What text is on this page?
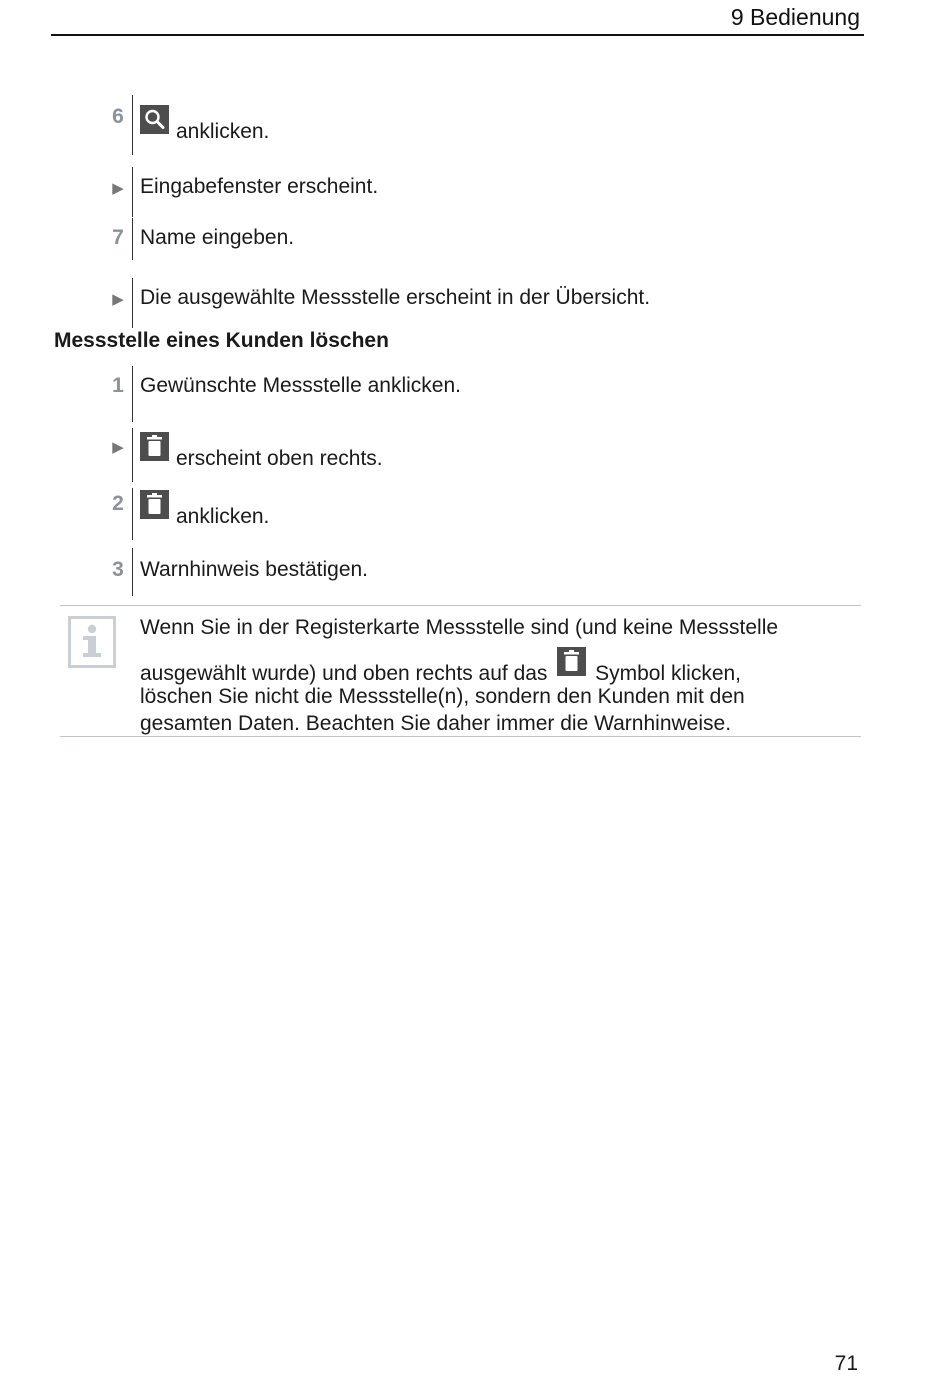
9 Bedienung
6
anklicken.
▶ Eingabefenster erscheint.
7 Name eingeben.
▶ Die ausgewählte Messstelle erscheint in der Übersicht.
Messstelle eines Kunden löschen
1 Gewünschte Messstelle anklicken.
▶	erscheint oben rechts.
2
anklicken.
3 Warnhinweis bestätigen.
Wenn Sie in der Registerkarte Messstelle sind (und keine Messstelle
ausgewählt wurde) und oben rechts auf das Symbol klicken,
löschen Sie nicht die Messstelle(n), sondern den Kunden mit den
gesamten Daten. Beachten Sie daher immer die Warnhinweise.
71
